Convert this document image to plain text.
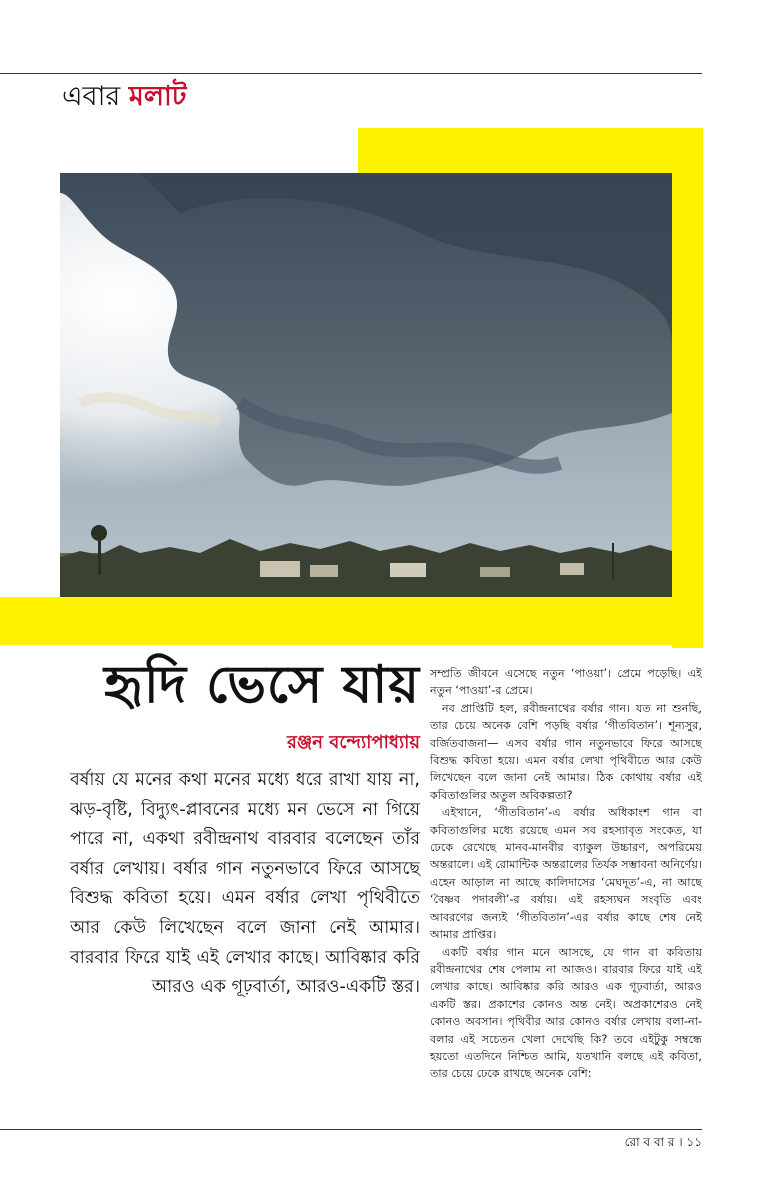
এবার মলাট
হৃদি ভেসে যায়
রঞ্জন বন্দ্যোপাধ্যায়

বর্ষায় যে মনের কথা মনের মধ্যে ধরে রাখা যায় না, ঝড়-বৃষ্টি, বিদ্যুৎ-প্লাবনের মধ্যে মন ভেসে না গিয়ে পারে না, একথা রবীন্দ্রনাথ বারবার বলেছেন তাঁর বর্ষার লেখায়। বর্ষার গান নতুনভাবে ফিরে আসছে বিশুদ্ধ কবিতা হয়ে। এমন বর্ষার লেখা পৃথিবীতে আর কেউ লিখেছেন বলে জানা নেই আমার। বারবার ফিরে যাই এই লেখার কাছে। আবিষ্কার করি আরও এক গূঢ়বার্তা, আরও-একটি স্তর।

সম্প্রতি জীবনে এসেছে নতুন ‘পাওয়া’। প্রেমে পড়েছি। এই নতুন ‘পাওয়া’-র প্রেমে।

নব প্রাপ্তিটি হল, রবীন্দ্রনাথের বর্ষার গান। যত না শুনছি, তার চেয়ে অনেক বেশি পড়ছি বর্ষার ‘গীতবিতান’। শূন্যসুর, বর্জিতবাজনা— এসব বর্ষার গান নতুনভাবে ফিরে আসছে বিশুদ্ধ কবিতা হয়ে। এমন বর্ষার লেখা পৃথিবীতে আর কেউ লিখেছেন বলে জানা নেই আমার। ঠিক কোথায় বর্ষার এই কবিতাগুলির অতুল অবিকল্পতা?

এইখানে, ‘গীতবিতান’-এ বর্ষার অধিকাংশ গান বা কবিতাগুলির মধ্যে রয়েছে এমন সব রহস্যাবৃত সংকেত, যা ঢেকে রেখেছে মানব-মানবীর ব্যাকুল উচ্চারণ, অপরিমেয় অন্তরালে। এই রোমান্টিক অন্তরালের তির্যক সম্ভাবনা অনির্ণেয়। এহেন আড়াল না আছে কালিদাসের ‘মেঘদূত’-এ, না আছে ‘বৈষ্ণব পদাবলী’-র বর্ষায়। এই রহস্যঘন সংবৃতি এবং আবরণের জন্যই ‘গীতবিতান’-এর বর্ষার কাছে শেষ নেই আমার প্রাপ্তির।

একটি বর্ষার গান মনে আসছে, যে গান বা কবিতায় রবীন্দ্রনাথের শেষ পেলাম না আজও। বারবার ফিরে যাই এই লেখার কাছে। আবিষ্কার করি আরও এক গূঢ়বার্তা, আরও একটি স্তর। প্রকাশের কোনও অন্ত নেই। অপ্রকাশেরও নেই কোনও অবসান। পৃথিবীর আর কোনও বর্ষার লেখায় বলা-না-বলার এই সচেতন খেলা দেখেছি কি? তবে এইটুকু সম্বন্ধে হয়তো এতদিনে নিশ্চিত আমি, যতখানি বলছে এই কবিতা, তার চেয়ে ঢেকে রাখছে অনেক বেশি:

রো ব বা র । ১১
